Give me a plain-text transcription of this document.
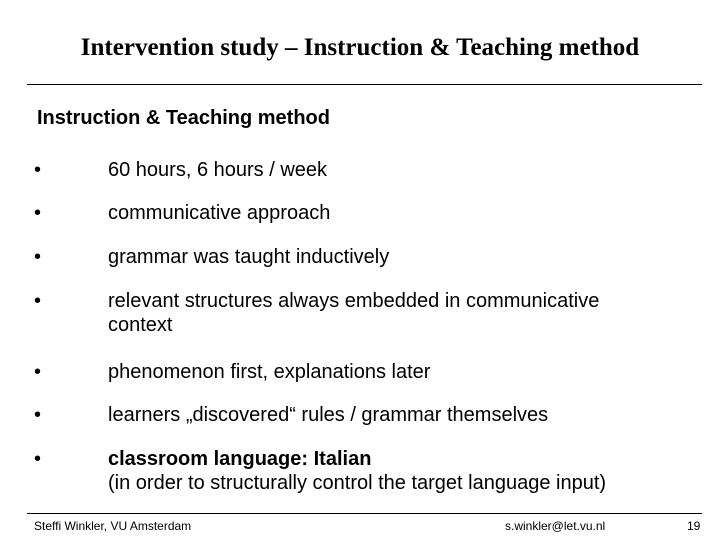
Intervention study – Instruction & Teaching method
Instruction & Teaching method
•	60 hours, 6 hours / week
•	communicative approach
•	grammar was taught inductively
•	relevant structures always embedded in communicative
context
•	phenomenon first, explanations later
•	learners „discovered“ rules / grammar themselves
•	classroom language: Italian
(in order to structurally control the target language input)
Steffi Winkler, VU Amsterdam	s.winkler@let.vu.nl	19
